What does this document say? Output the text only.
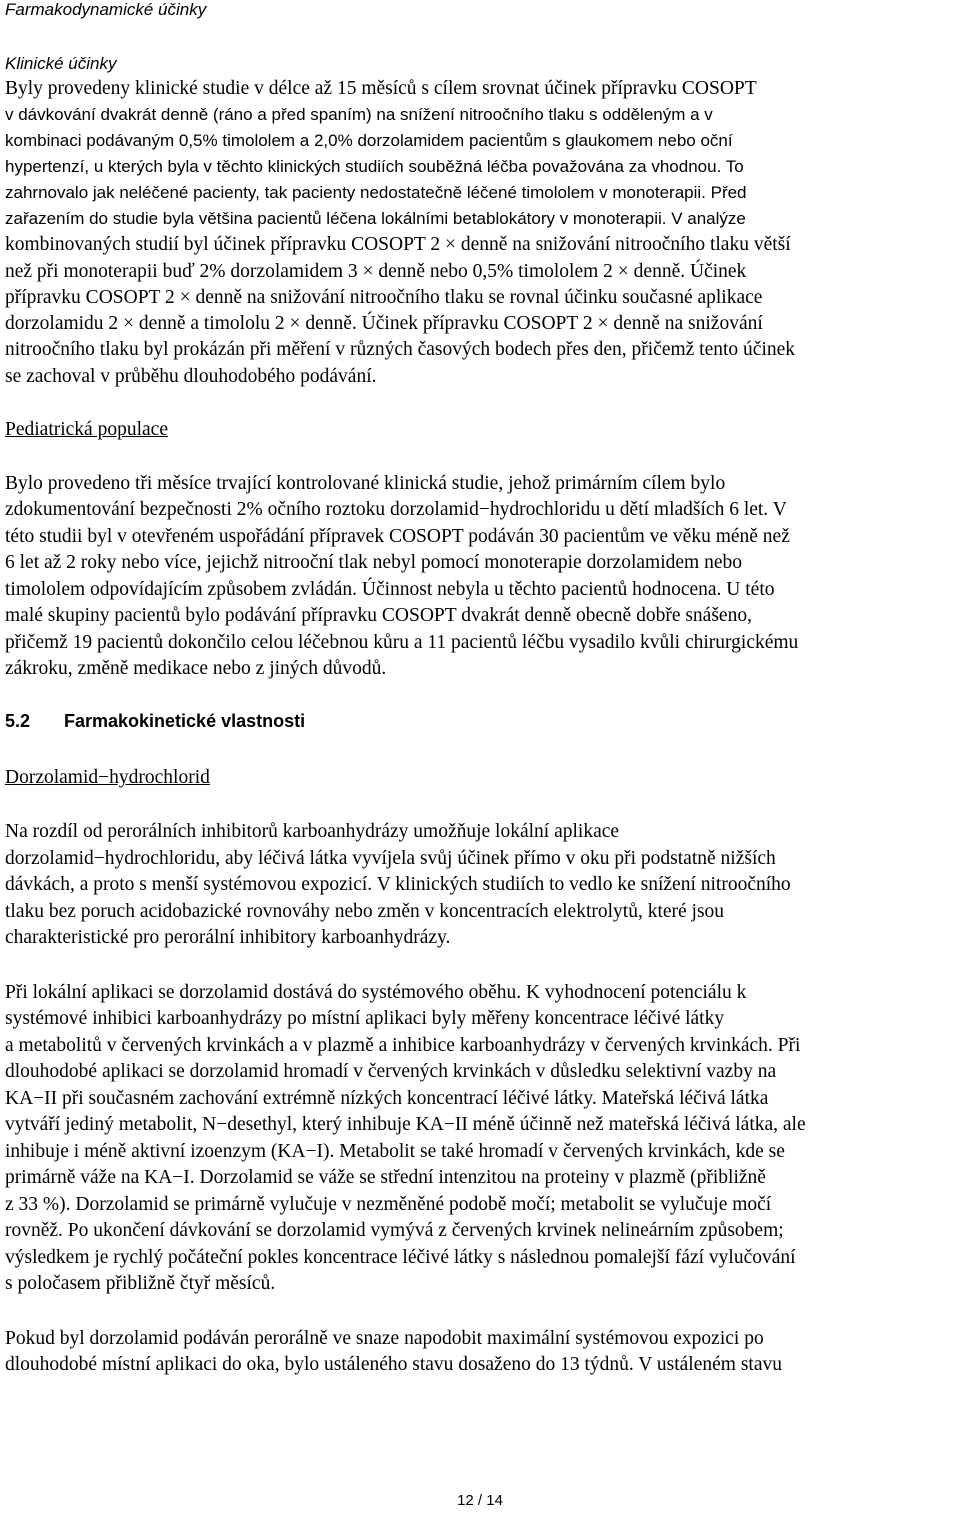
Farmakodynamické účinky
Klinické účinky
Byly provedeny klinické studie v délce až 15 měsíců s cílem srovnat účinek přípravku COSOPT
v dávkování dvakrát denně (ráno a před spaním) na snížení nitroočního tlaku s odděleným a v
kombinaci podávaným 0,5% timololem a 2,0% dorzolamidem pacientům s glaukomem nebo oční
hypertenzí, u kterých byla v těchto klinických studiích souběžná léčba považována za vhodnou. To
zahrnovalo jak neléčené pacienty, tak pacienty nedostatečně léčené timololem v monoterapii. Před
zařazením do studie byla většina pacientů léčena lokálními betablokátory v monoterapii. V analýze
kombinovaných studií byl účinek přípravku COSOPT 2 × denně na snižování nitroočního tlaku větší
než při monoterapii buď 2% dorzolamidem 3 × denně nebo 0,5% timololem 2 × denně. Účinek
přípravku COSOPT 2 × denně na snižování nitroočního tlaku se rovnal účinku současné aplikace
dorzolamidu 2 × denně a timololu 2 × denně. Účinek přípravku COSOPT 2 × denně na snižování
nitroočního tlaku byl prokázán při měření v různých časových bodech přes den, přičemž tento účinek
se zachoval v průběhu dlouhodobého podávání.
Pediatrická populace
Bylo provedeno tři měsíce trvající kontrolované klinická studie, jehož primárním cílem bylo
zdokumentování bezpečnosti 2% očního roztoku dorzolamid−hydrochloridu u dětí mladších 6 let. V
této studii byl v otevřeném uspořádání přípravek COSOPT podáván 30 pacientům ve věku méně než
6 let až 2 roky nebo více, jejichž nitrooční tlak nebyl pomocí monoterapie dorzolamidem nebo
timololem odpovídajícím způsobem zvládán. Účinnost nebyla u těchto pacientů hodnocena. U této
malé skupiny pacientů bylo podávání přípravku COSOPT dvakrát denně obecně dobře snášeno,
přičemž 19 pacientů dokončilo celou léčebnou kůru a 11 pacientů léčbu vysadilo kvůli chirurgickému
zákroku, změně medikace nebo z jiných důvodů.
5.2 Farmakokinetické vlastnosti
Dorzolamid−hydrochlorid
Na rozdíl od perorálních inhibitorů karboanhydrázy umožňuje lokální aplikace
dorzolamid−hydrochloridu, aby léčivá látka vyvíjela svůj účinek přímo v oku při podstatně nižších
dávkách, a proto s menší systémovou expozicí. V klinických studiích to vedlo ke snížení nitroočního
tlaku bez poruch acidobazické rovnováhy nebo změn v koncentracích elektrolytů, které jsou
charakteristické pro perorální inhibitory karboanhydrázy.
Při lokální aplikaci se dorzolamid dostává do systémového oběhu. K vyhodnocení potenciálu k
systémové inhibici karboanhydrázy po místní aplikaci byly měřeny koncentrace léčivé látky
a metabolitů v červených krvinkách a v plazmě a inhibice karboanhydrázy v červených krvinkách. Při
dlouhodobé aplikaci se dorzolamid hromadí v červených krvinkách v důsledku selektivní vazby na
KA−II při současném zachování extrémně nízkých koncentrací léčivé látky. Mateřská léčivá látka
vytváří jediný metabolit, N−desethyl, který inhibuje KA−II méně účinně než mateřská léčivá látka, ale
inhibuje i méně aktivní izoenzym (KA−I). Metabolit se také hromadí v červených krvinkách, kde se
primárně váže na KA−I. Dorzolamid se váže se střední intenzitou na proteiny v plazmě (přibližně
z 33 %). Dorzolamid se primárně vylučuje v nezměněné podobě močí; metabolit se vylučuje močí
rovněž. Po ukončení dávkování se dorzolamid vymývá z červených krvinek nelineárním způsobem;
výsledkem je rychlý počáteční pokles koncentrace léčivé látky s následnou pomalejší fází vylučování
s poločasem přibližně čtyř měsíců.
Pokud byl dorzolamid podáván perorálně ve snaze napodobit maximální systémovou expozici po
dlouhodobé místní aplikaci do oka, bylo ustáleného stavu dosaženo do 13 týdnů. V ustáleném stavu
12 / 14
